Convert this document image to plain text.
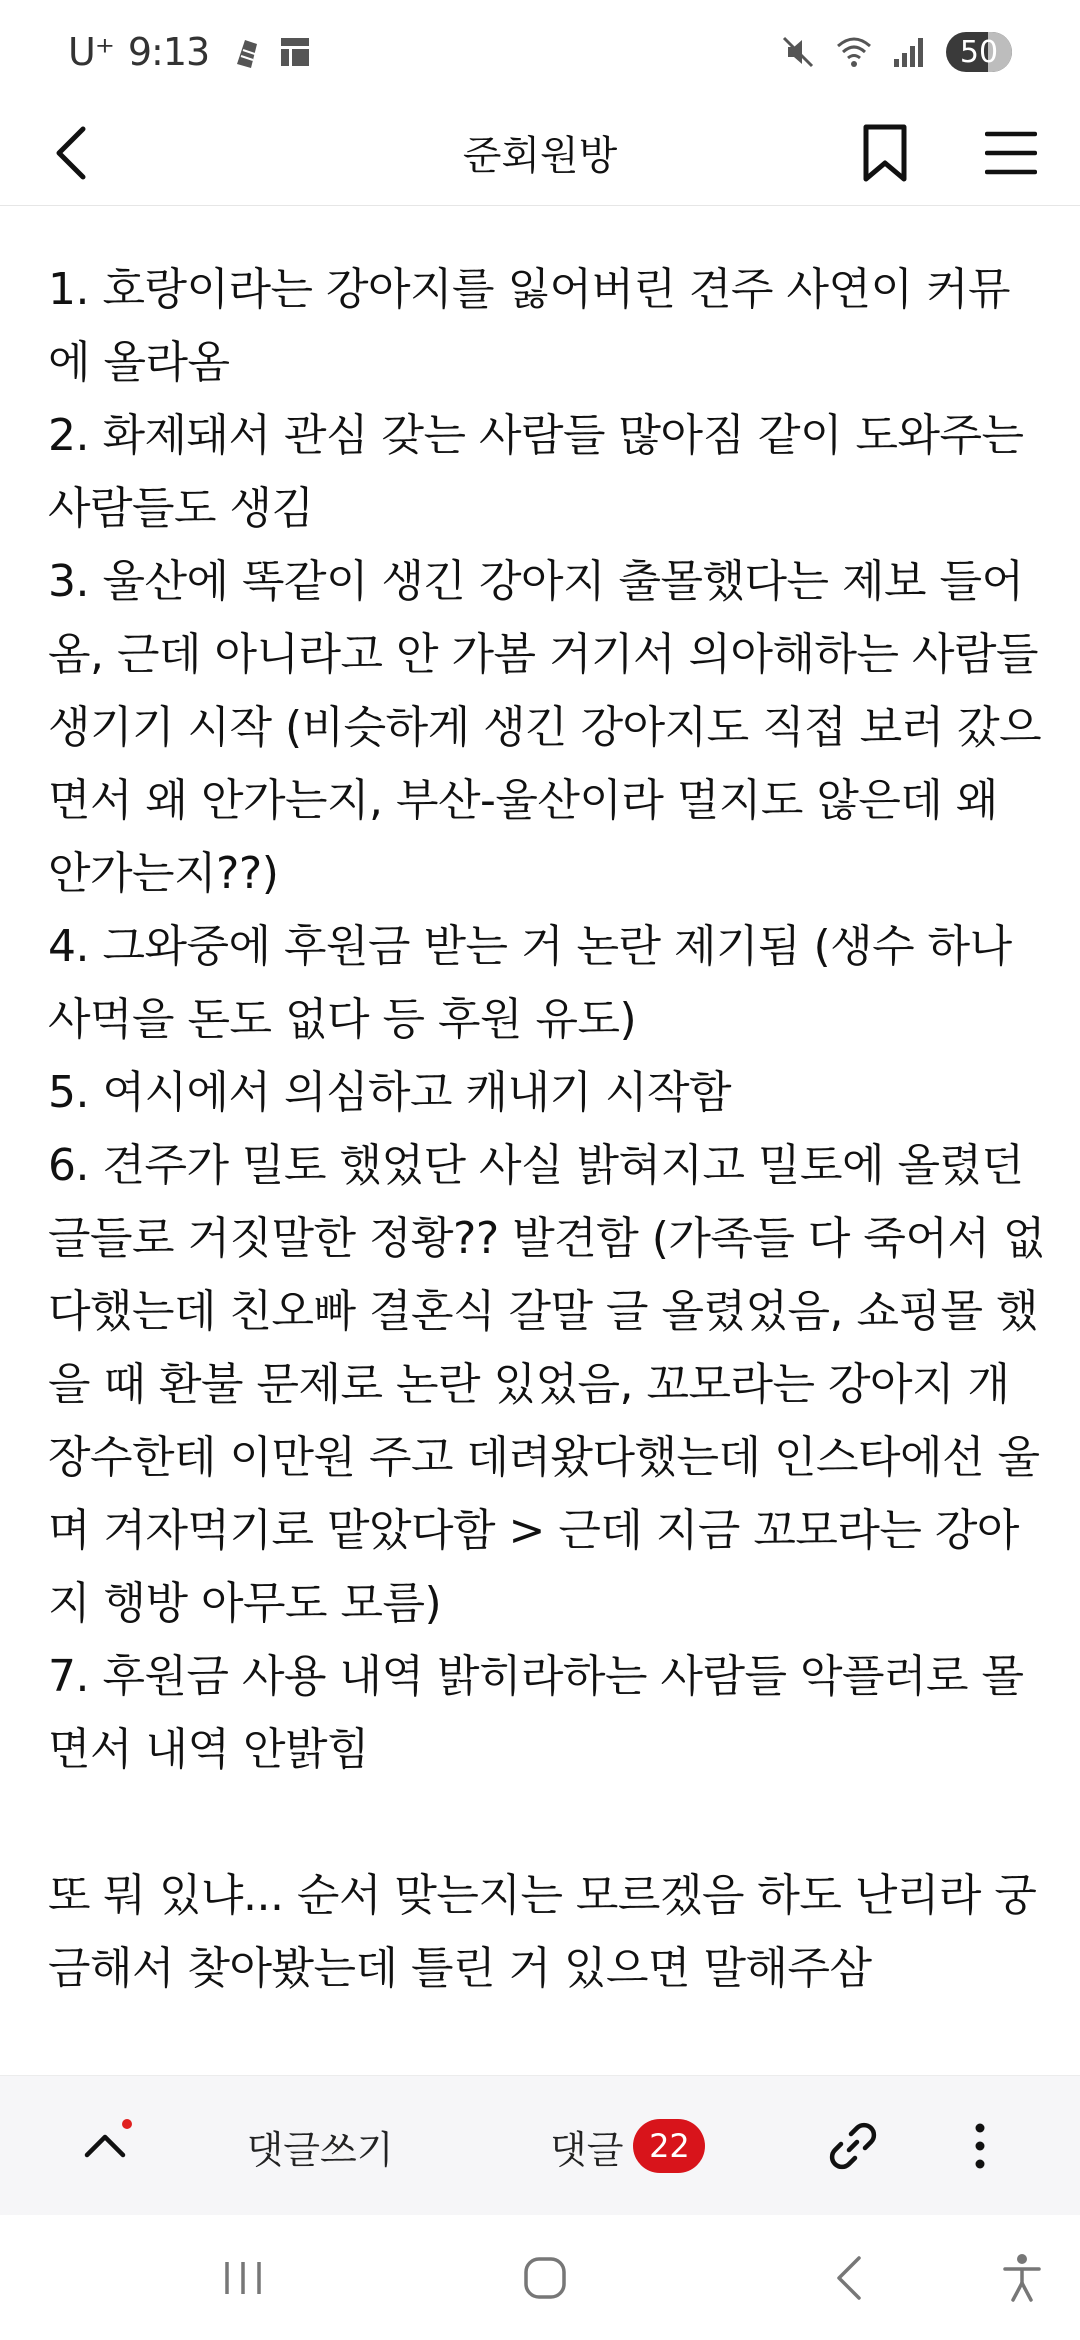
U⁺ 9:13	50
준회원방

1. 호랑이라는 강아지를 잃어버린 견주 사연이 커뮤에 올라옴

2. 화제돼서 관심 갖는 사람들 많아짐 같이 도와주는 사람들도 생김

3. 울산에 똑같이 생긴 강아지 출몰했다는 제보 들어옴, 근데 아니라고 안 가봄 거기서 의아해하는 사람들 생기기 시작 (비슷하게 생긴 강아지도 직접 보러 갔으면서 왜 안가는지, 부산-울산이라 멀지도 않은데 왜 안가는지??)

4. 그와중에 후원금 받는 거 논란 제기됨 (생수 하나 사먹을 돈도 없다 등 후원 유도)

5. 여시에서 의심하고 캐내기 시작함

6. 견주가 밀토 했었단 사실 밝혀지고 밀토에 올렸던 글들로 거짓말한 정황?? 발견함 (가족들 다 죽어서 없다했는데 친오빠 결혼식 갈말 글 올렸었음, 쇼핑몰 했을 때 환불 문제로 논란 있었음, 꼬모라는 강아지 개장수한테 이만원 주고 데려왔다했는데 인스타에선 울며 겨자먹기로 맡았다함 > 근데 지금 꼬모라는 강아지 행방 아무도 모름)

7. 후원금 사용 내역 밝히라하는 사람들 악플러로 몰면서 내역 안밝힘

또 뭐 있냐... 순서 맞는지는 모르겠음 하도 난리라 궁금해서 찾아봤는데 틀린 거 있으면 말해주삼

댓글쓰기	댓글 22
